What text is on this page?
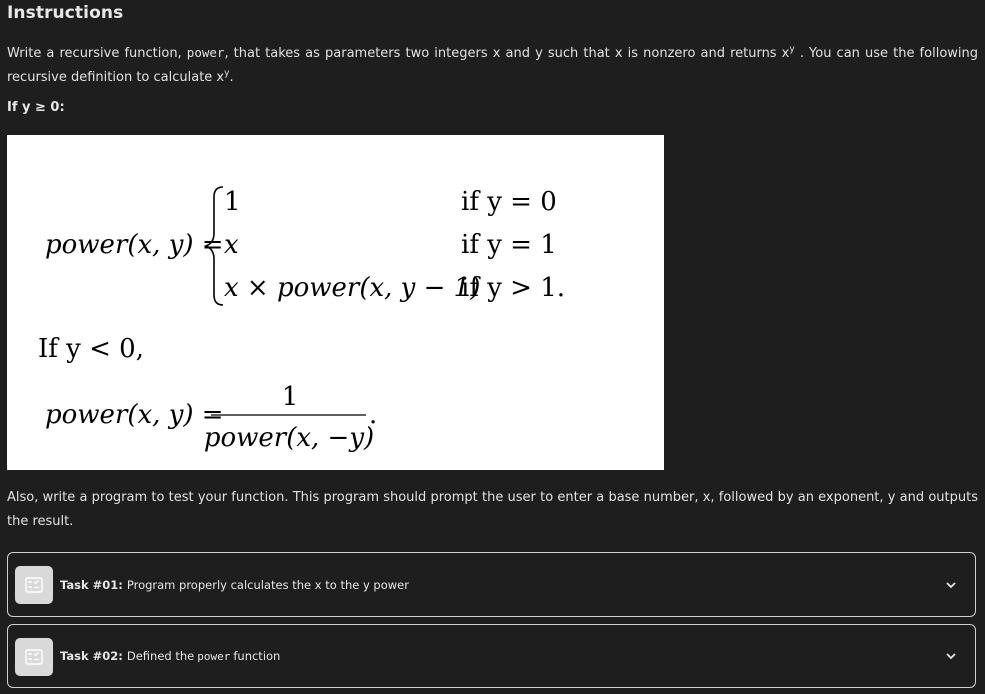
Instructions
Write a recursive function, power, that takes as parameters two integers x and y such that x is nonzero and returns $x^y$ . You can use the following recursive definition to calculate $x^y$.
If y ≥ 0:
power(x, y) =
1
x
x × power(x, y − 1)
if y = 0
if y = 1
if y > 1.
If y < 0,
power(x, y) =
1
power(x, −y)
.
Also, write a program to test your function. This program should prompt the user to enter a base number, x, followed by an exponent, y and outputs the result.
Task #01: Program properly calculates the x to the y power
Task #02: Defined the power function
